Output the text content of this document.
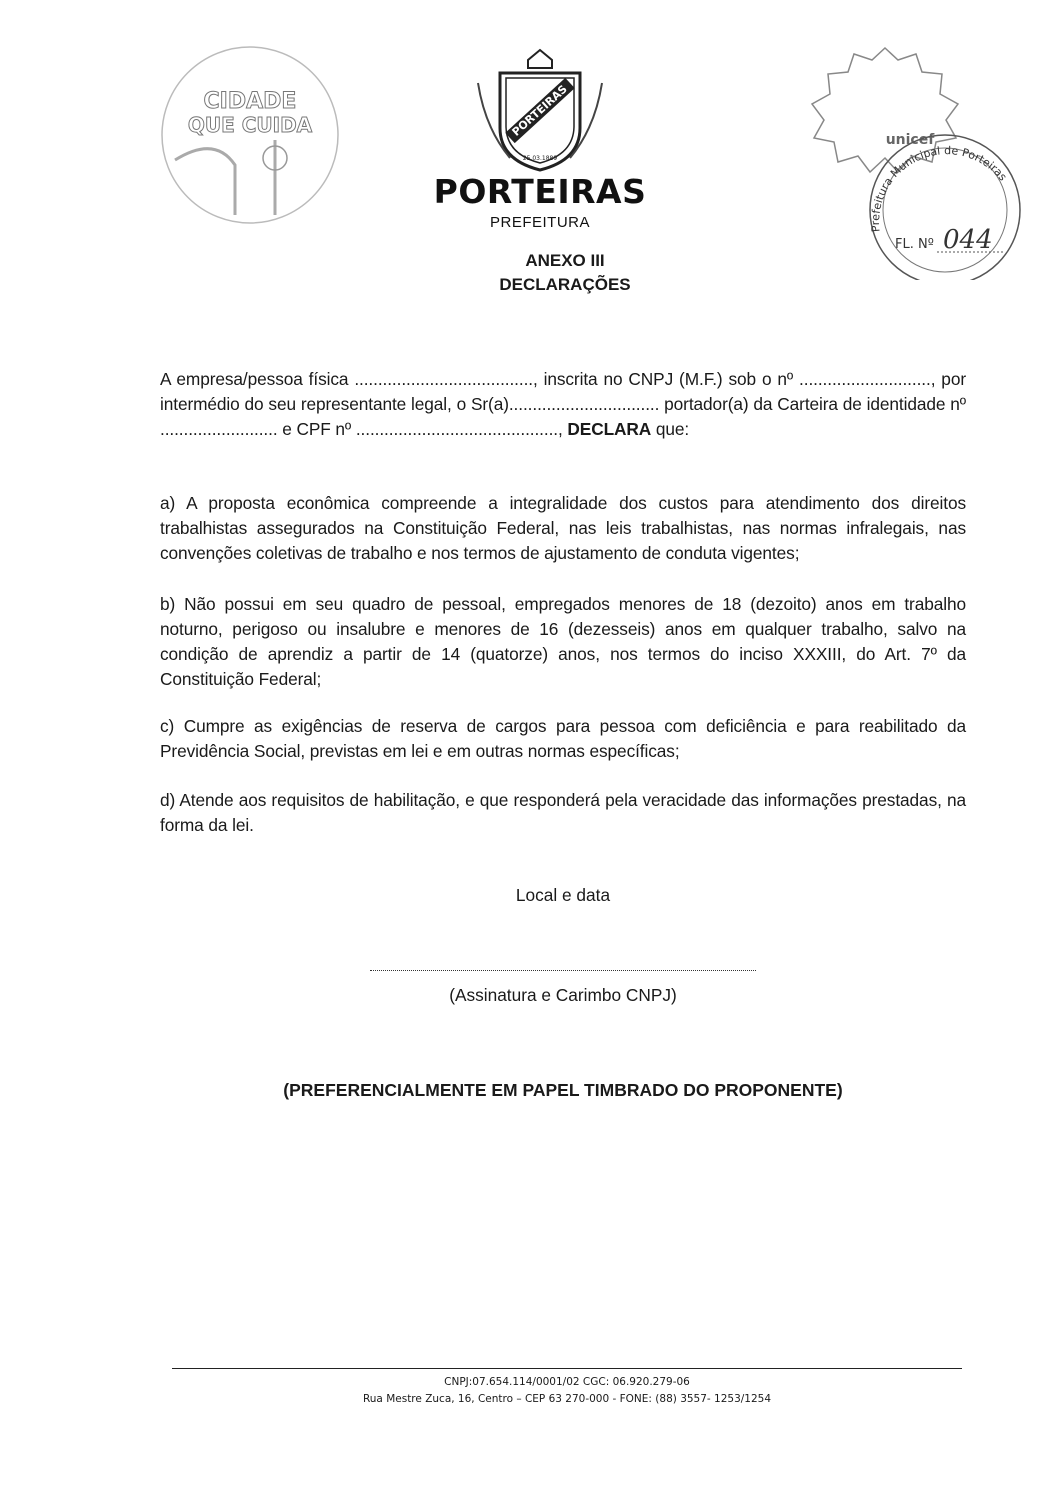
CIDADE
QUE CUIDA	PORTEIRAS
25.03.1889
unicef
Prefeitura Municipal de Porteiras
FL. Nº 044
PORTEIRAS
PREFEITURA
ANEXO III
DECLARAÇÕES
A empresa/pessoa física ......................................, inscrita no CNPJ (M.F.) sob o nº ............................, por intermédio do seu representante legal, o Sr(a)................................ portador(a) da Carteira de identidade nº ......................... e CPF nº ..........................................., DECLARA que:
a) A proposta econômica compreende a integralidade dos custos para atendimento dos direitos trabalhistas assegurados na Constituição Federal, nas leis trabalhistas, nas normas infralegais, nas convenções coletivas de trabalho e nos termos de ajustamento de conduta vigentes;
b) Não possui em seu quadro de pessoal, empregados menores de 18 (dezoito) anos em trabalho noturno, perigoso ou insalubre e menores de 16 (dezesseis) anos em qualquer trabalho, salvo na condição de aprendiz a partir de 14 (quatorze) anos, nos termos do inciso XXXIII, do Art. 7º da Constituição Federal;
c) Cumpre as exigências de reserva de cargos para pessoa com deficiência e para reabilitado da Previdência Social, previstas em lei e em outras normas específicas;
d) Atende aos requisitos de habilitação, e que responderá pela veracidade das informações prestadas, na forma da lei.
Local e data
(Assinatura e Carimbo CNPJ)
(PREFERENCIALMENTE EM PAPEL TIMBRADO DO PROPONENTE)
CNPJ:07.654.114/0001/02 CGC: 06.920.279-06
Rua Mestre Zuca, 16, Centro – CEP 63 270-000 - FONE: (88) 3557- 1253/1254
